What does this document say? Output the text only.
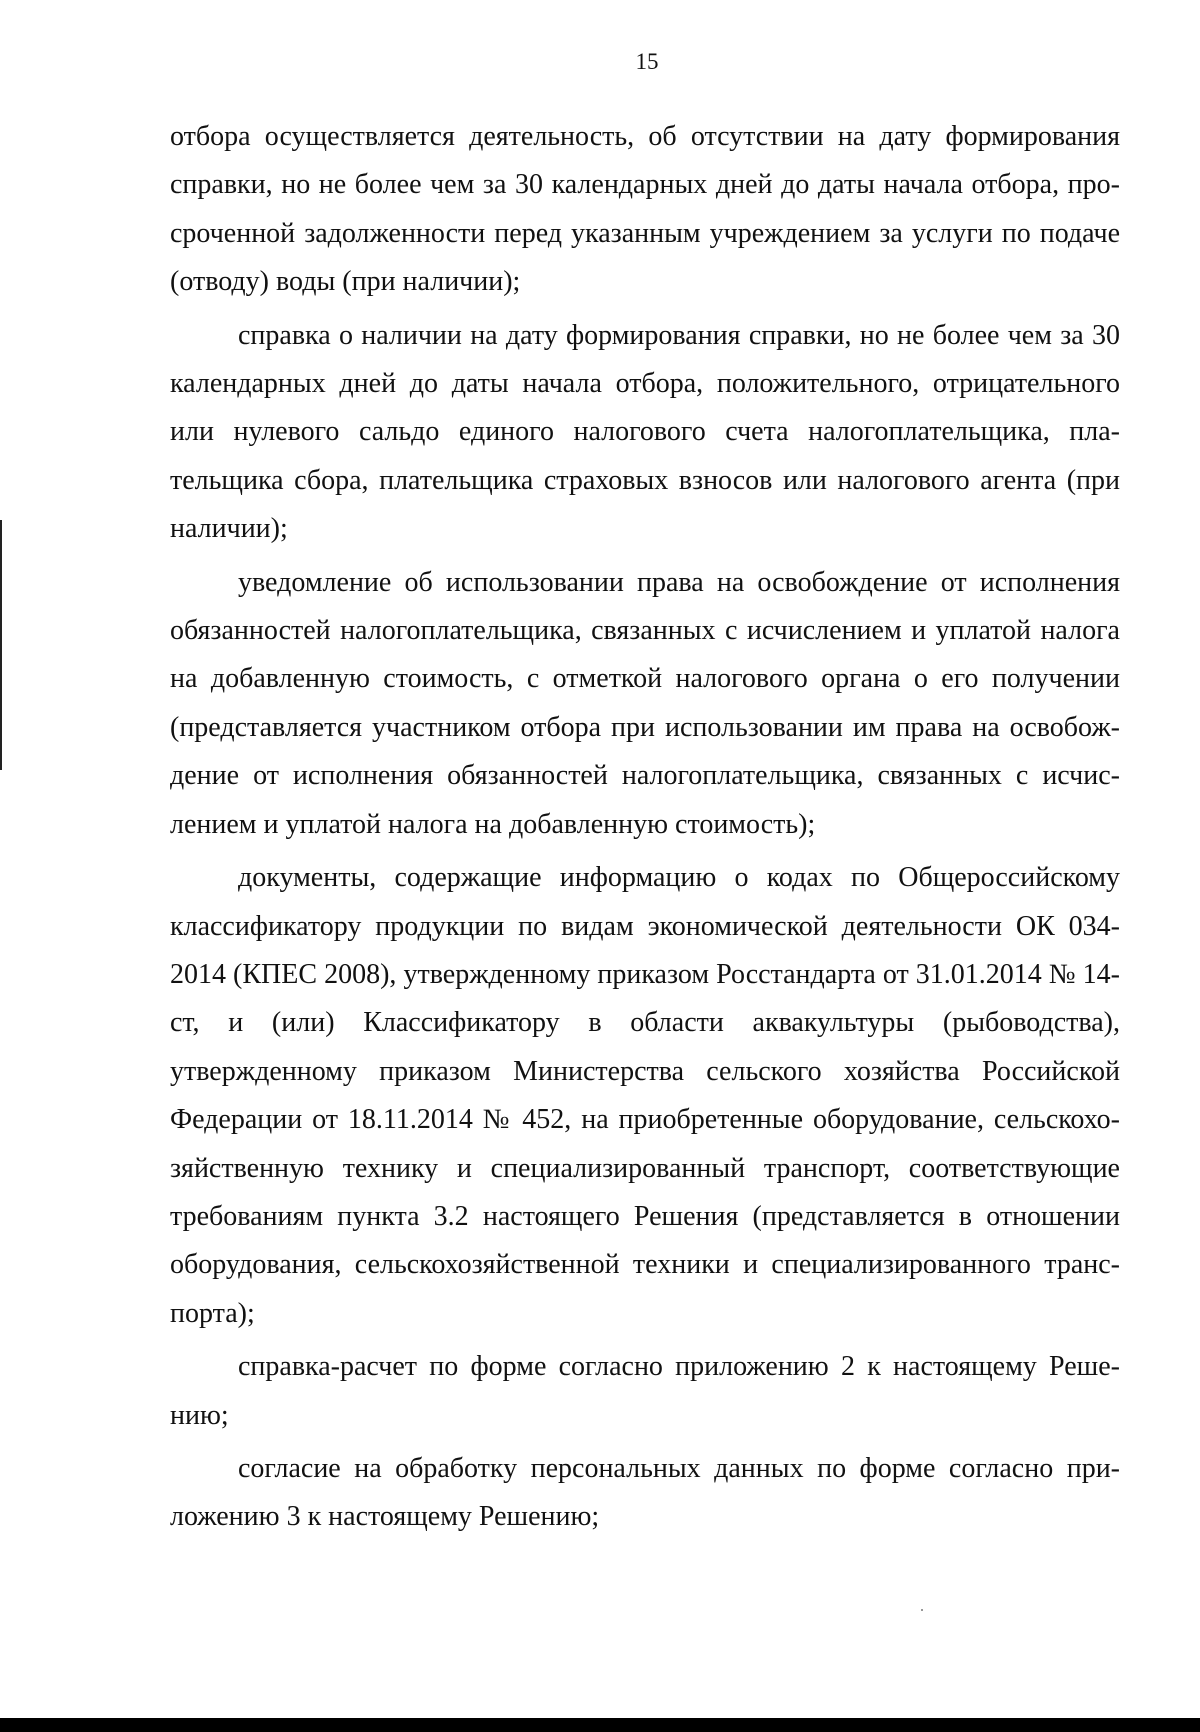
15

отбора осуществляется деятельность, об отсутствии на дату формирования справки, но не более чем за 30 календарных дней до даты начала отбора, просроченной задолженности перед указанным учреждением за услуги по подаче (отводу) воды (при наличии);

справка о наличии на дату формирования справки, но не более чем за 30 календарных дней до даты начала отбора, положительного, отрицательного или нулевого сальдо единого налогового счета налогоплательщика, плательщика сбора, плательщика страховых взносов или налогового агента (при наличии);

уведомление об использовании права на освобождение от исполнения обязанностей налогоплательщика, связанных с исчислением и уплатой налога на добавленную стоимость, с отметкой налогового органа о его получении (представляется участником отбора при использовании им права на освобождение от исполнения обязанностей налогоплательщика, связанных с исчислением и уплатой налога на добавленную стоимость);

документы, содержащие информацию о кодах по Общероссийскому классификатору продукции по видам экономической деятельности ОК 034-2014 (КПЕС 2008), утвержденному приказом Росстандарта от 31.01.2014 № 14-ст, и (или) Классификатору в области аквакультуры (рыбоводства), утвержденному приказом Министерства сельского хозяйства Российской Федерации от 18.11.2014 № 452, на приобретенные оборудование, сельскохозяйственную технику и специализированный транспорт, соответствующие требованиям пункта 3.2 настоящего Решения (представляется в отношении оборудования, сельскохозяйственной техники и специализированного транспорта);

справка-расчет по форме согласно приложению 2 к настоящему Решению;

согласие на обработку персональных данных по форме согласно приложению 3 к настоящему Решению;
